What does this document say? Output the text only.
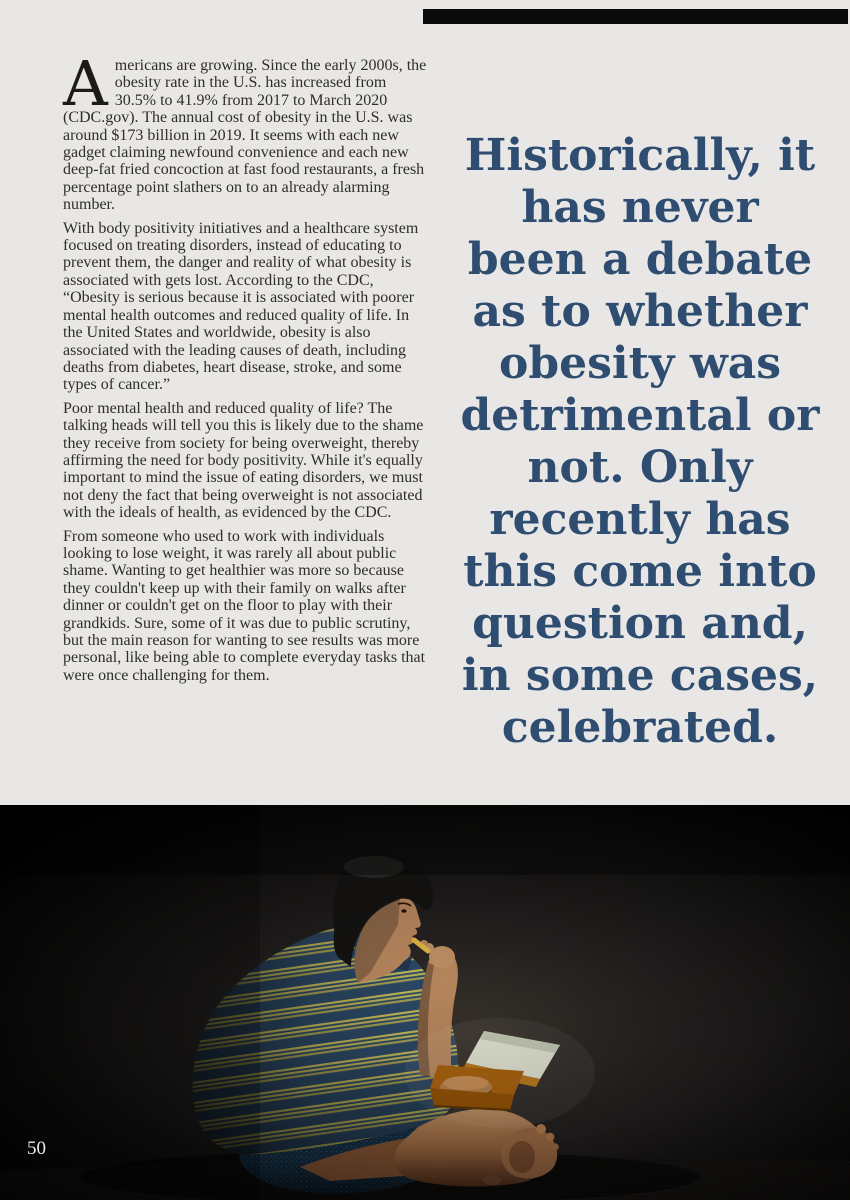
Americans are growing. Since the early 2000s, the obesity rate in the U.S. has increased from 30.5% to 41.9% from 2017 to March 2020 (CDC.gov). The annual cost of obesity in the U.S. was around $173 billion in 2019. It seems with each new gadget claiming newfound convenience and each new deep-fat fried concoction at fast food restaurants, a fresh percentage point slathers on to an already alarming number.

With body positivity initiatives and a healthcare system focused on treating disorders, instead of educating to prevent them, the danger and reality of what obesity is associated with gets lost. According to the CDC, “Obesity is serious because it is associated with poorer mental health outcomes and reduced quality of life. In the United States and worldwide, obesity is also associated with the leading causes of death, including deaths from diabetes, heart disease, stroke, and some types of cancer.”

Poor mental health and reduced quality of life? The talking heads will tell you this is likely due to the shame they receive from society for being overweight, thereby affirming the need for body positivity. While it's equally important to mind the issue of eating disorders, we must not deny the fact that being overweight is not associated with the ideals of health, as evidenced by the CDC.

From someone who used to work with individuals looking to lose weight, it was rarely all about public shame. Wanting to get healthier was more so because they couldn't keep up with their family on walks after dinner or couldn't get on the floor to play with their grandkids. Sure, some of it was due to public scrutiny, but the main reason for wanting to see results was more personal, like being able to complete everyday tasks that were once challenging for them.

Historically, it
has never
been a debate
as to whether
obesity was
detrimental or
not. Only
recently has
this come into
question and,
in some cases,
celebrated.
50
